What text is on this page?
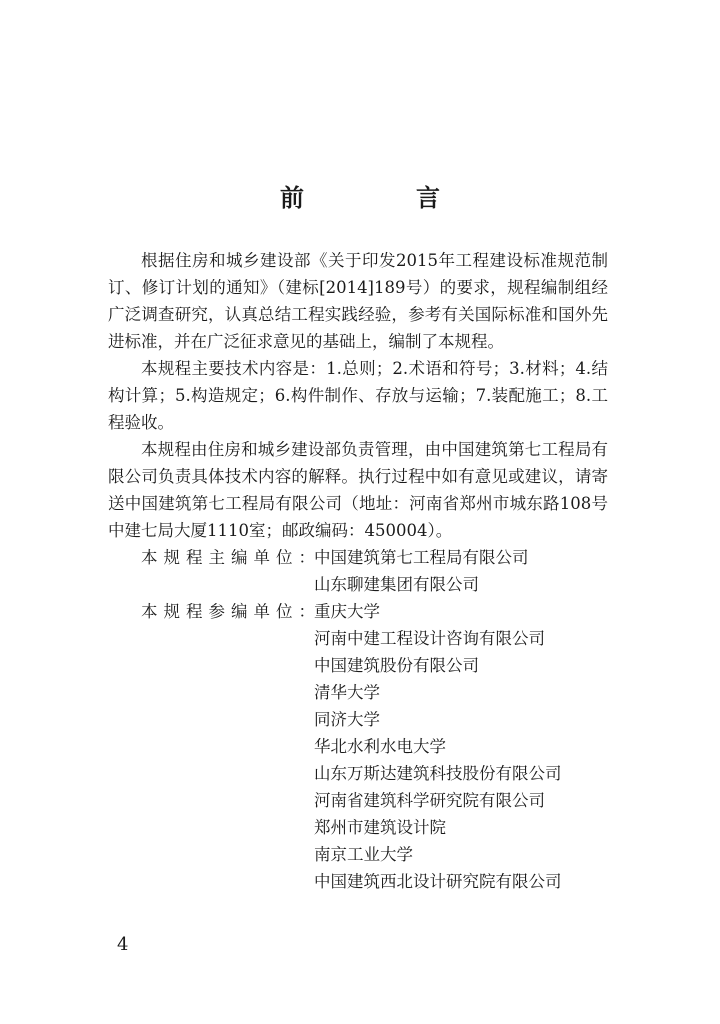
前　言

根据住房和城乡建设部《关于印发2015年工程建设标准规范制订、修订计划的通知》（建标[2014]189号）的要求，规程编制组经广泛调查研究，认真总结工程实践经验，参考有关国际标准和国外先进标准，并在广泛征求意见的基础上，编制了本规程。

本规程主要技术内容是：1.总则；2.术语和符号；3.材料；4.结构计算；5.构造规定；6.构件制作、存放与运输；7.装配施工；8.工程验收。

本规程由住房和城乡建设部负责管理，由中国建筑第七工程局有限公司负责具体技术内容的解释。执行过程中如有意见或建议，请寄送中国建筑第七工程局有限公司（地址：河南省郑州市城东路108号中建七局大厦1110室；邮政编码：450004）。

本规程主编单位：
中国建筑第七工程局有限公司
山东聊建集团有限公司
本规程参编单位：
重庆大学
河南中建工程设计咨询有限公司
中国建筑股份有限公司
清华大学
同济大学
华北水利水电大学
山东万斯达建筑科技股份有限公司
河南省建筑科学研究院有限公司
郑州市建筑设计院
南京工业大学
中国建筑西北设计研究院有限公司

4
